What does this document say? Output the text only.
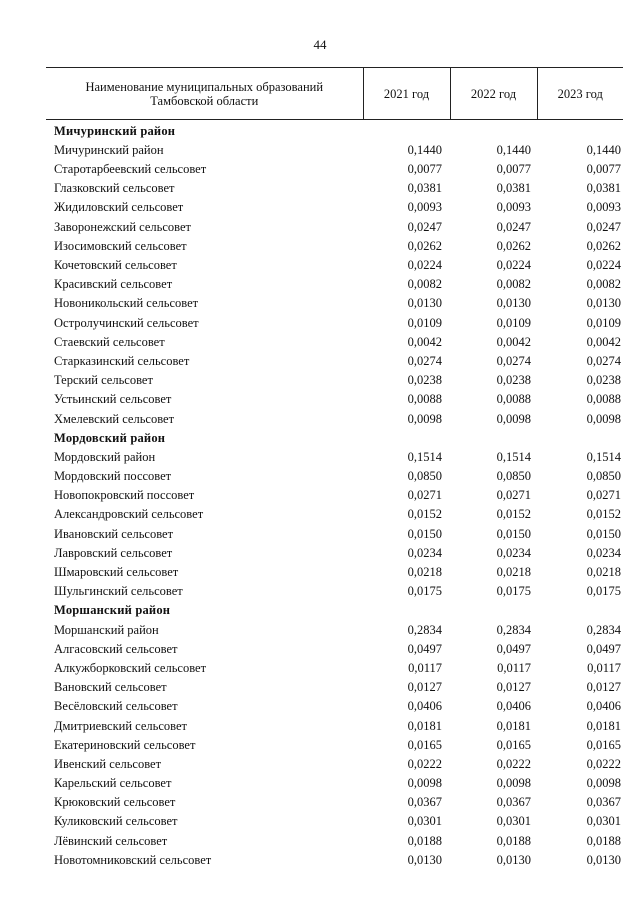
44
Наименование муниципальных образований Тамбовской области	2021 год	2022 год	2023 год
Мичуринский район			
Мичуринский район	0,1440	0,1440	0,1440
Старотарбеевский сельсовет	0,0077	0,0077	0,0077
Глазковский сельсовет	0,0381	0,0381	0,0381
Жидиловский сельсовет	0,0093	0,0093	0,0093
Заворонежский сельсовет	0,0247	0,0247	0,0247
Изосимовский сельсовет	0,0262	0,0262	0,0262
Кочетовский сельсовет	0,0224	0,0224	0,0224
Красивский сельсовет	0,0082	0,0082	0,0082
Новоникольский сельсовет	0,0130	0,0130	0,0130
Остролучинский сельсовет	0,0109	0,0109	0,0109
Стаевский сельсовет	0,0042	0,0042	0,0042
Старказинский сельсовет	0,0274	0,0274	0,0274
Терский сельсовет	0,0238	0,0238	0,0238
Устьинский сельсовет	0,0088	0,0088	0,0088
Хмелевский сельсовет	0,0098	0,0098	0,0098
Мордовский район			
Мордовский район	0,1514	0,1514	0,1514
Мордовский поссовет	0,0850	0,0850	0,0850
Новопокровский поссовет	0,0271	0,0271	0,0271
Александровский сельсовет	0,0152	0,0152	0,0152
Ивановский сельсовет	0,0150	0,0150	0,0150
Лавровский сельсовет	0,0234	0,0234	0,0234
Шмаровский сельсовет	0,0218	0,0218	0,0218
Шульгинский сельсовет	0,0175	0,0175	0,0175
Моршанский район			
Моршанский район	0,2834	0,2834	0,2834
Алгасовский сельсовет	0,0497	0,0497	0,0497
Алкужборковский сельсовет	0,0117	0,0117	0,0117
Вановский сельсовет	0,0127	0,0127	0,0127
Весёловский сельсовет	0,0406	0,0406	0,0406
Дмитриевский сельсовет	0,0181	0,0181	0,0181
Екатериновский сельсовет	0,0165	0,0165	0,0165
Ивенский сельсовет	0,0222	0,0222	0,0222
Карельский сельсовет	0,0098	0,0098	0,0098
Крюковский сельсовет	0,0367	0,0367	0,0367
Куликовский сельсовет	0,0301	0,0301	0,0301
Лёвинский сельсовет	0,0188	0,0188	0,0188
Новотомниковский сельсовет	0,0130	0,0130	0,0130
